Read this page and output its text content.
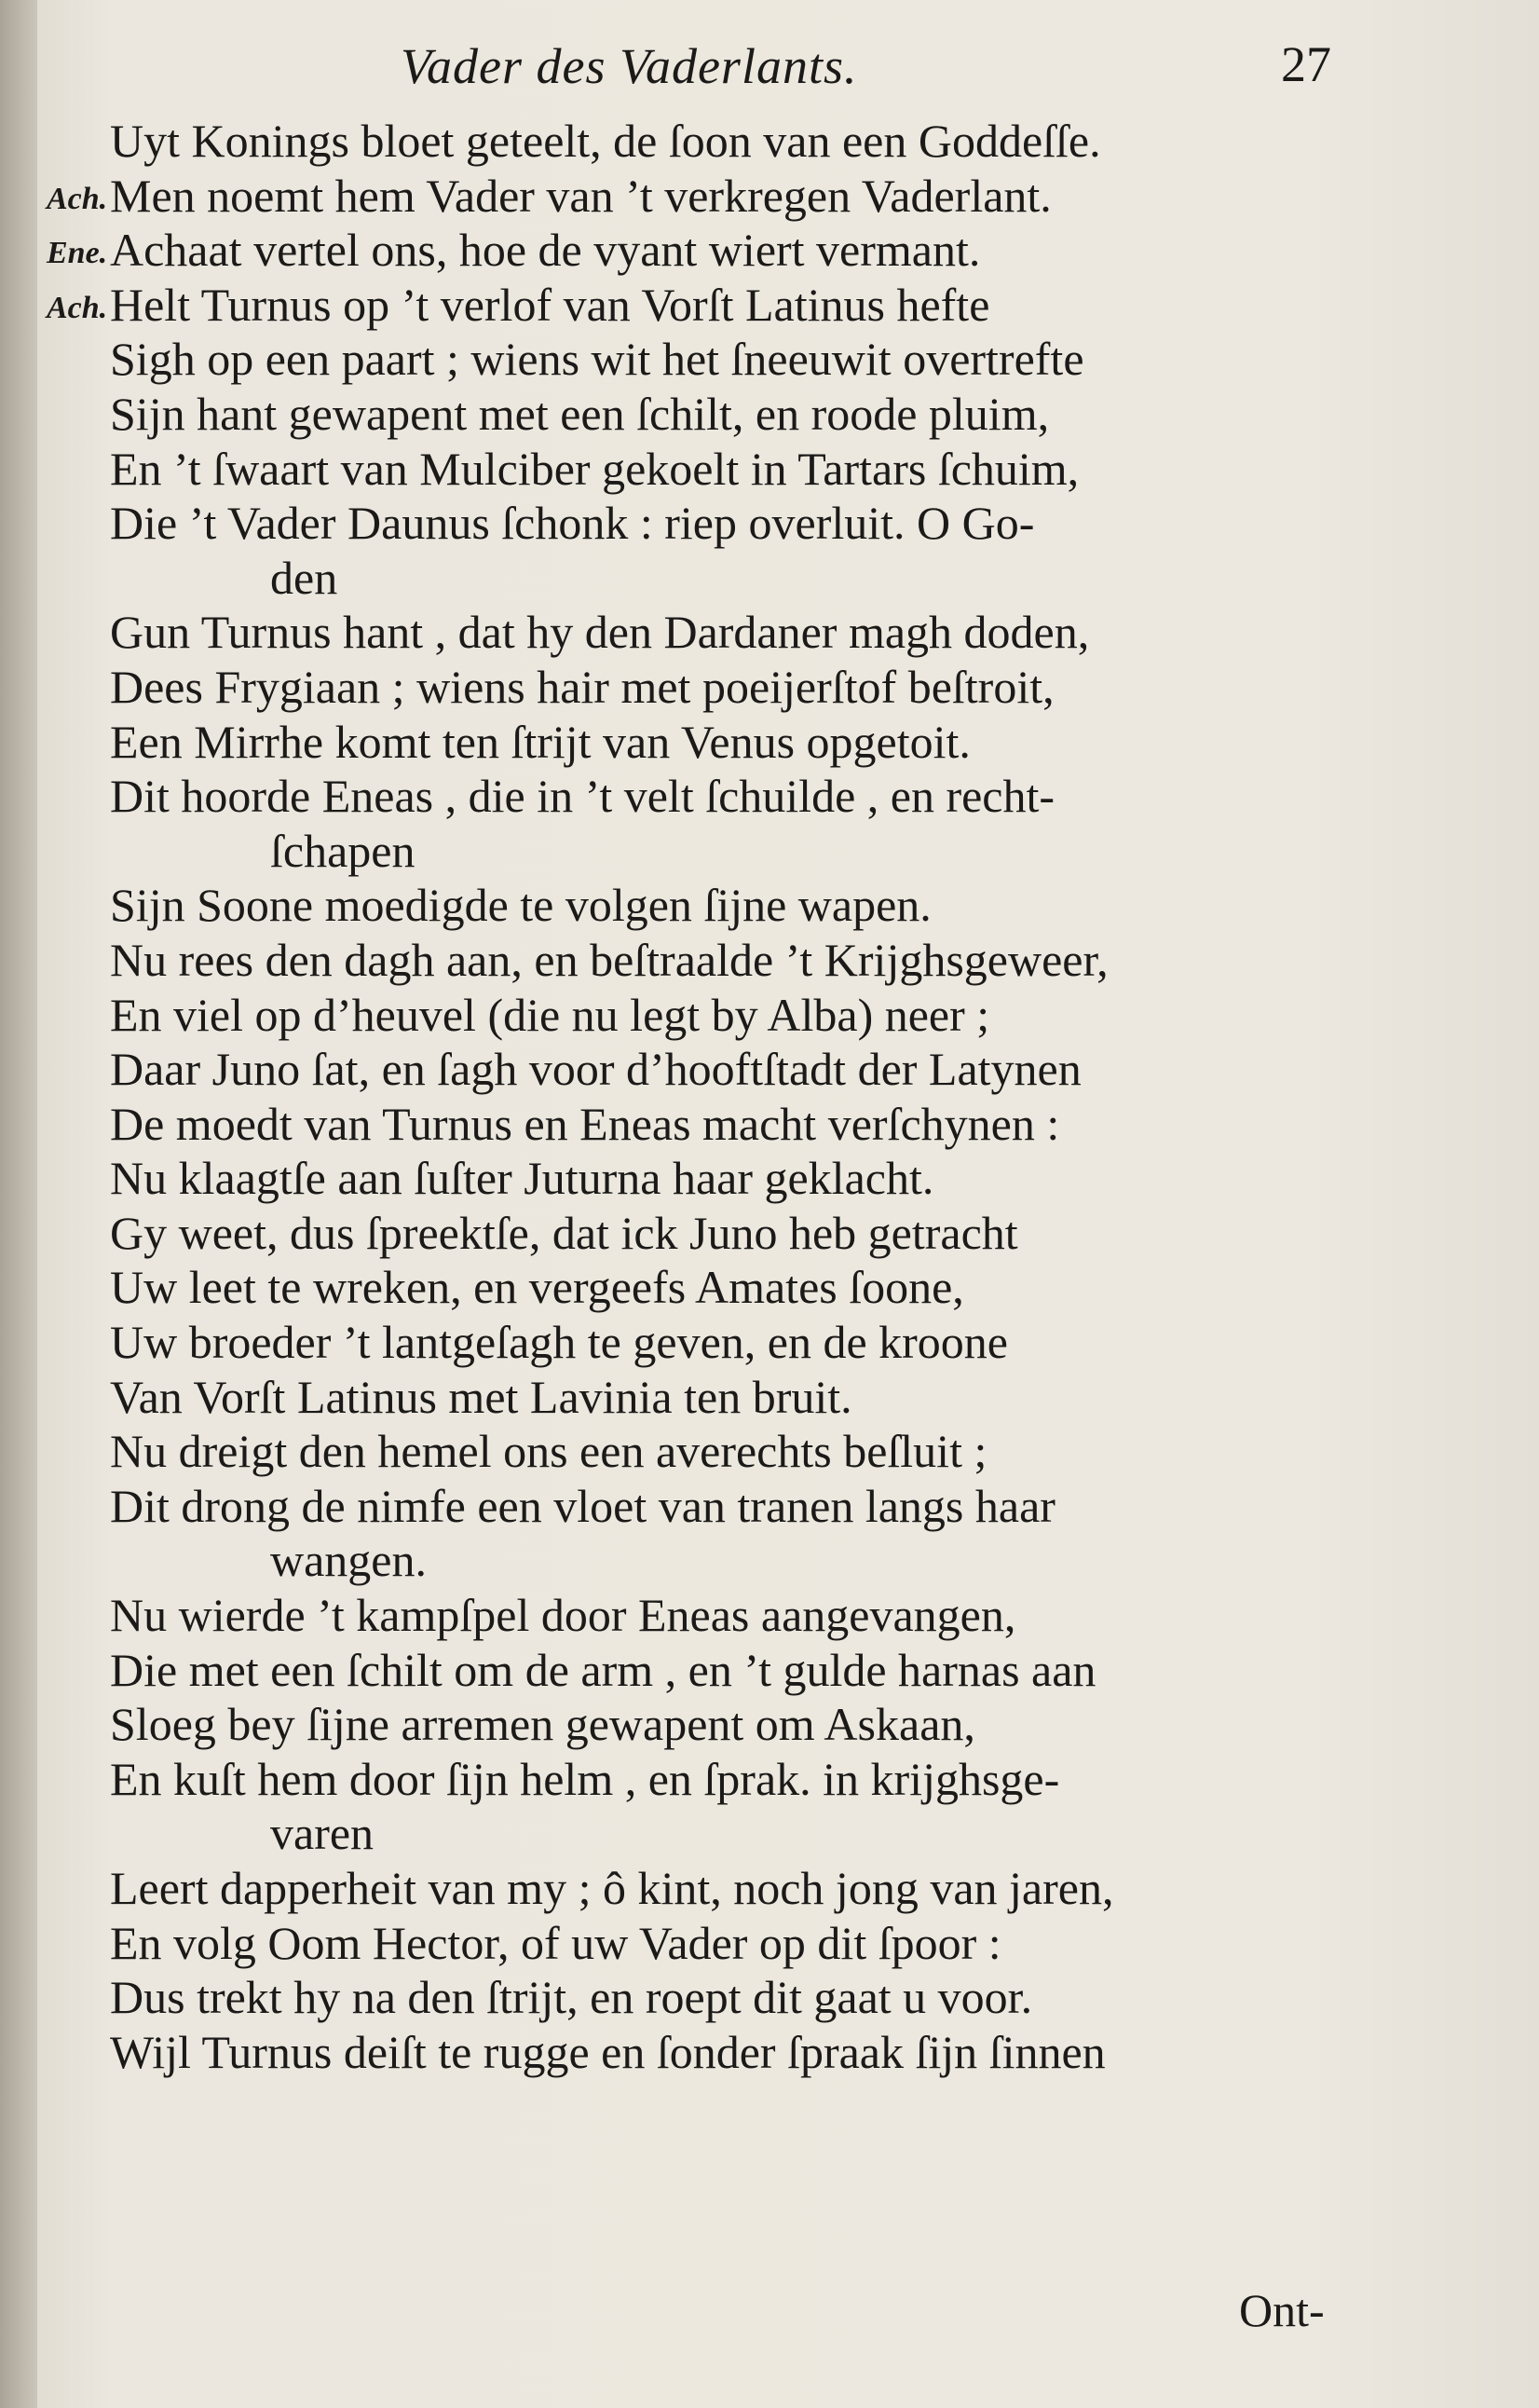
Vader des Vaderlants.	27
Uyt Konings bloet geteelt, de ſoon van een Goddeſſe.
Ach. Men noemt hem Vader van ’t verkregen Vaderlant.
Ene. Achaat vertel ons, hoe de vyant wiert vermant.
Ach. Helt Turnus op ’t verlof van Vorſt Latinus hefte
Sigh op een paart ; wiens wit het ſneeuwit overtrefte
Sijn hant gewapent met een ſchilt, en roode pluim,
En ’t ſwaart van Mulciber gekoelt in Tartars ſchuim,
Die ’t Vader Daunus ſchonk : riep overluit. O Go-
den
Gun Turnus hant , dat hy den Dardaner magh doden,
Dees Frygiaan ; wiens hair met poeijerſtof beſtroit,
Een Mirrhe komt ten ſtrijt van Venus opgetoit.
Dit hoorde Eneas , die in ’t velt ſchuilde , en recht-
ſchapen
Sijn Soone moedigde te volgen ſijne wapen.
Nu rees den dagh aan, en beſtraalde ’t Krijghsgeweer,
En viel op d’heuvel (die nu legt by Alba) neer ;
Daar Juno ſat, en ſagh voor d’hooftſtadt der Latynen
De moedt van Turnus en Eneas macht verſchynen :
Nu klaagtſe aan ſuſter Juturna haar geklacht.
Gy weet, dus ſpreektſe, dat ick Juno heb getracht
Uw leet te wreken, en vergeefs Amates ſoone,
Uw broeder ’t lantgeſagh te geven, en de kroone
Van Vorſt Latinus met Lavinia ten bruit.
Nu dreigt den hemel ons een averechts beſluit ;
Dit drong de nimfe een vloet van tranen langs haar
wangen.
Nu wierde ’t kampſpel door Eneas aangevangen,
Die met een ſchilt om de arm , en ’t gulde harnas aan
Sloeg bey ſijne arremen gewapent om Askaan,
En kuſt hem door ſijn helm , en ſprak. in krijghsge-
varen
Leert dapperheit van my ; ô kint, noch jong van jaren,
En volg Oom Hector, of uw Vader op dit ſpoor :
Dus trekt hy na den ſtrijt, en roept dit gaat u voor.
Wijl Turnus deiſt te rugge en ſonder ſpraak ſijn ſinnen
Ont-
